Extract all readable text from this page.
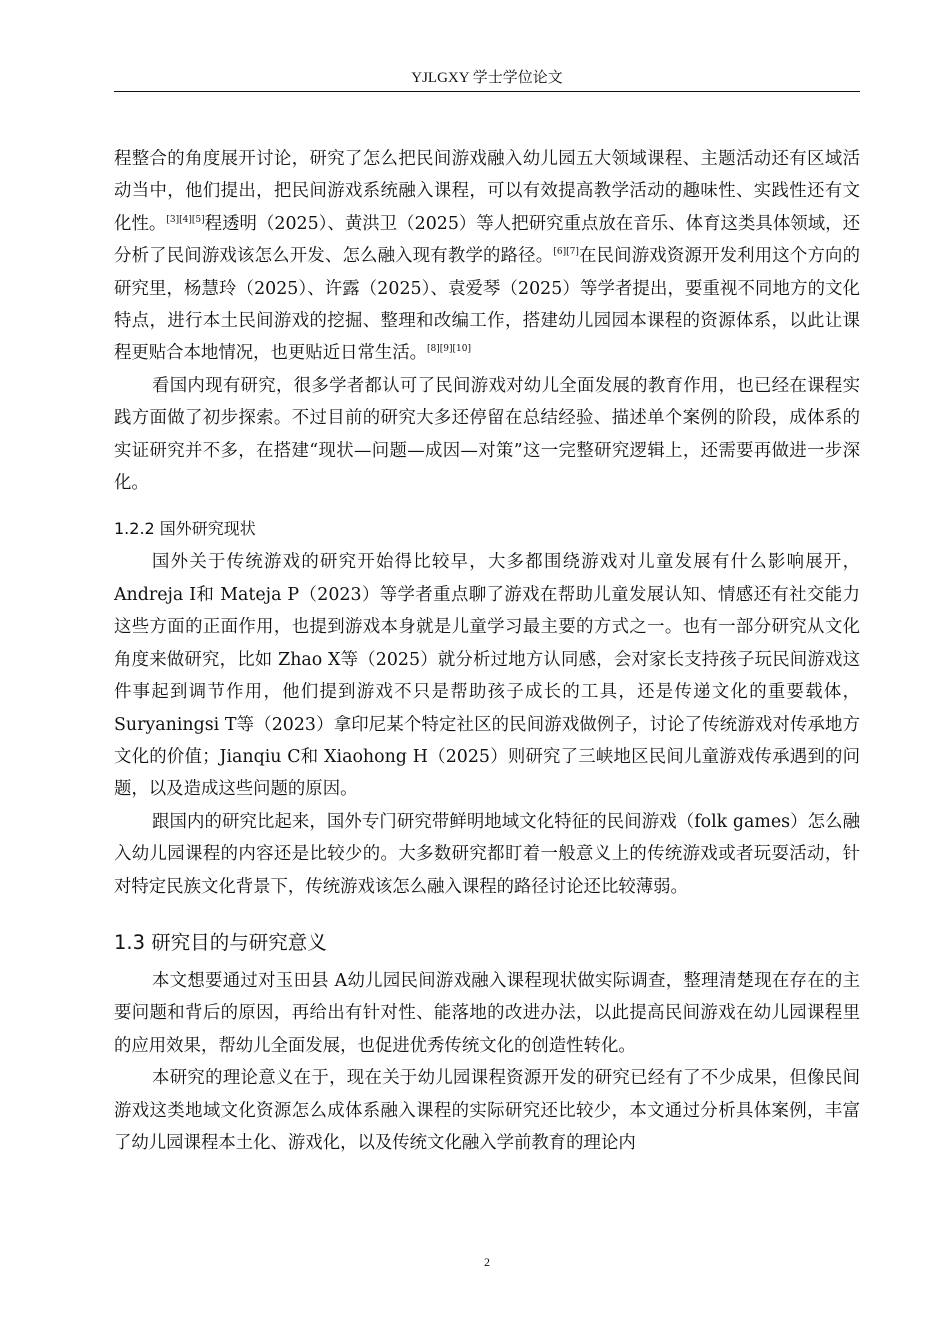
YJLGXY 学士学位论文

程整合的角度展开讨论，研究了怎么把民间游戏融入幼儿园五大领域课程、主题活动还有区域活动当中，他们提出，把民间游戏系统融入课程，可以有效提高教学活动的趣味性、实践性还有文化性。[3][4][5]程透明（2025）、黄洪卫（2025）等人把研究重点放在音乐、体育这类具体领域，还分析了民间游戏该怎么开发、怎么融入现有教学的路径。[6][7]在民间游戏资源开发利用这个方向的研究里，杨慧玲（2025）、许露（2025）、袁爱琴（2025）等学者提出，要重视不同地方的文化特点，进行本土民间游戏的挖掘、整理和改编工作，搭建幼儿园园本课程的资源体系，以此让课程更贴合本地情况，也更贴近日常生活。[8][9][10]

看国内现有研究，很多学者都认可了民间游戏对幼儿全面发展的教育作用，也已经在课程实践方面做了初步探索。不过目前的研究大多还停留在总结经验、描述单个案例的阶段，成体系的实证研究并不多，在搭建“现状—问题—成因—对策”这一完整研究逻辑上，还需要再做进一步深化。

1.2.2 国外研究现状

国外关于传统游戏的研究开始得比较早，大多都围绕游戏对儿童发展有什么影响展开，Andreja I和 Mateja P（2023）等学者重点聊了游戏在帮助儿童发展认知、情感还有社交能力这些方面的正面作用，也提到游戏本身就是儿童学习最主要的方式之一。也有一部分研究从文化角度来做研究，比如 Zhao X等（2025）就分析过地方认同感，会对家长支持孩子玩民间游戏这件事起到调节作用，他们提到游戏不只是帮助孩子成长的工具，还是传递文化的重要载体，Suryaningsi T等（2023）拿印尼某个特定社区的民间游戏做例子，讨论了传统游戏对传承地方文化的价值；Jianqiu C和 Xiaohong H（2025）则研究了三峡地区民间儿童游戏传承遇到的问题，以及造成这些问题的原因。

跟国内的研究比起来，国外专门研究带鲜明地域文化特征的民间游戏（folk games）怎么融入幼儿园课程的内容还是比较少的。大多数研究都盯着一般意义上的传统游戏或者玩耍活动，针对特定民族文化背景下，传统游戏该怎么融入课程的路径讨论还比较薄弱。

1.3 研究目的与研究意义

本文想要通过对玉田县 A幼儿园民间游戏融入课程现状做实际调查，整理清楚现在存在的主要问题和背后的原因，再给出有针对性、能落地的改进办法，以此提高民间游戏在幼儿园课程里的应用效果，帮幼儿全面发展，也促进优秀传统文化的创造性转化。

本研究的理论意义在于，现在关于幼儿园课程资源开发的研究已经有了不少成果，但像民间游戏这类地域文化资源怎么成体系融入课程的实际研究还比较少，本文通过分析具体案例，丰富了幼儿园课程本土化、游戏化，以及传统文化融入学前教育的理论内

2
